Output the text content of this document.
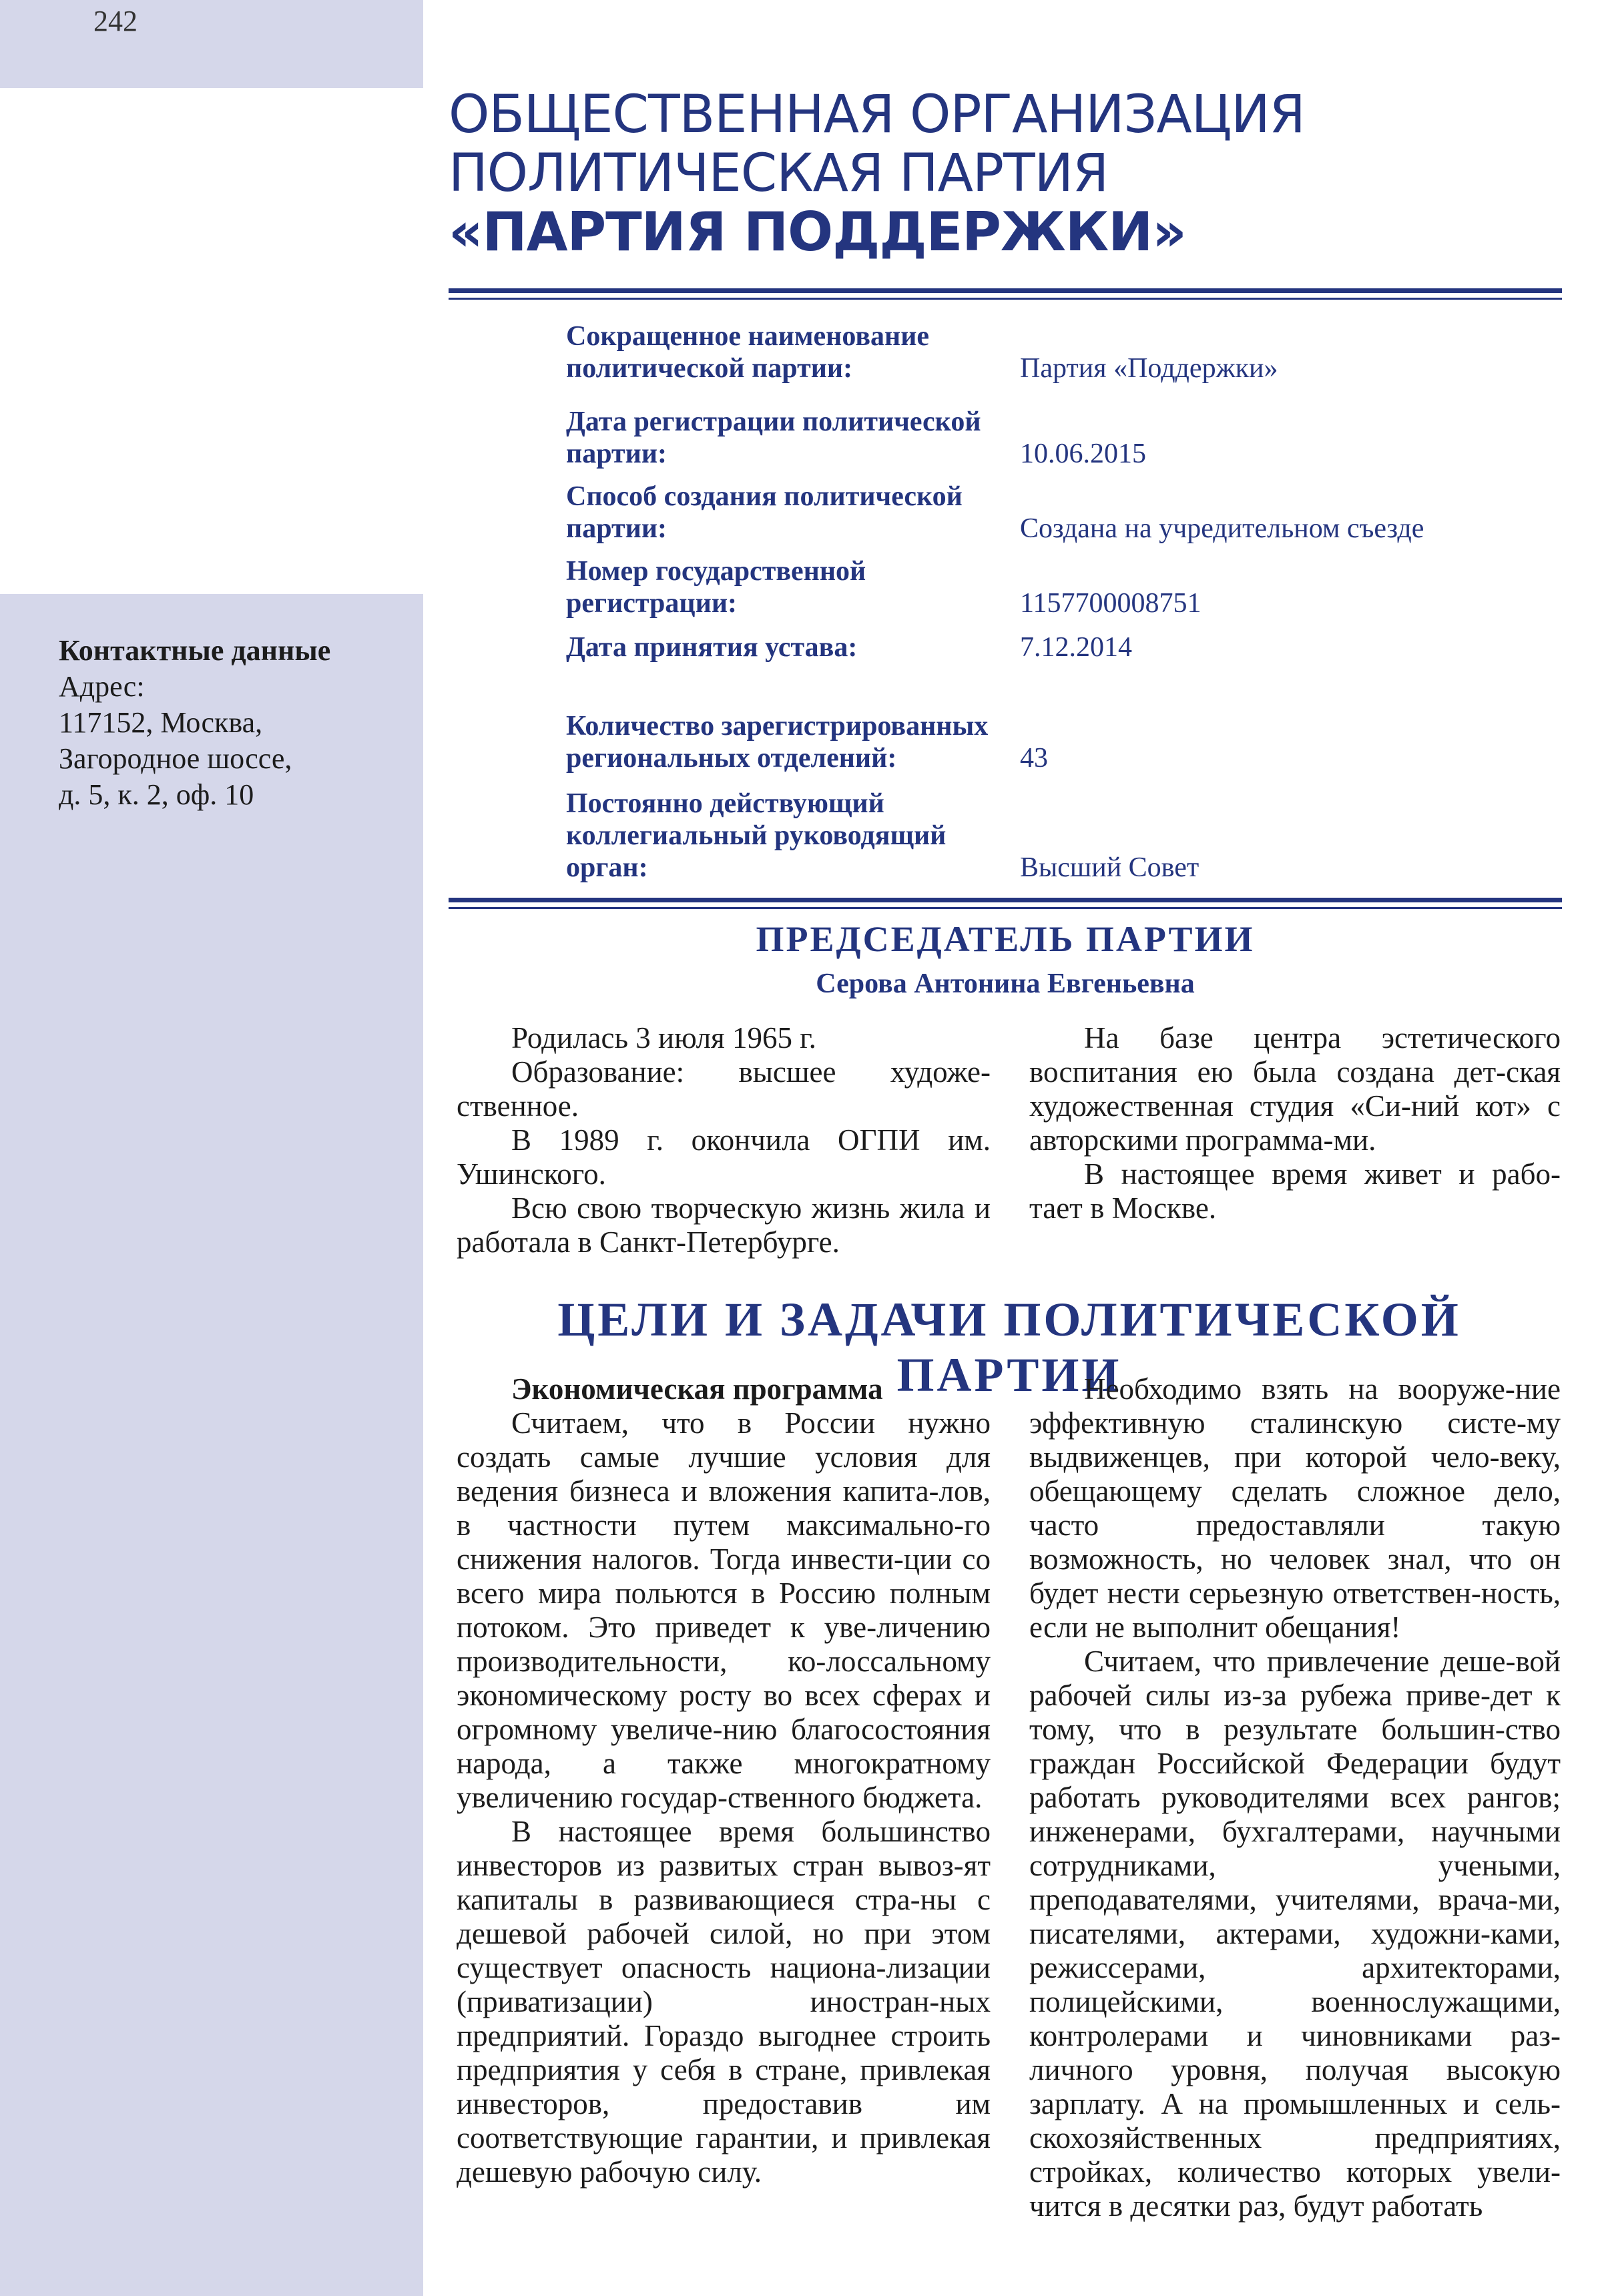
242
Контактные данные
Адрес:
117152, Москва,
Загородное шоссе,
д. 5, к. 2, оф. 10
ОБЩЕСТВЕННАЯ ОРГАНИЗАЦИЯ
ПОЛИТИЧЕСКАЯ ПАРТИЯ
«ПАРТИЯ ПОДДЕРЖКИ»
Сокращенное наименование политической партии:	Партия «Поддержки»
Дата регистрации политической партии:	10.06.2015
Способ создания политической партии:	Создана на учредительном съезде
Номер государственной регистрации:	1157700008751
Дата принятия устава:	7.12.2014
Количество зарегистрированных региональных отделений:	43
Постоянно действующий коллегиальный руководящий орган:	Высший Совет
ПРЕДСЕДАТЕЛЬ ПАРТИИ
Серова Антонина Евгеньевна

Родилась 3 июля 1965 г.

Образование: высшее художе-ственное.

В 1989 г. окончила ОГПИ им. Ушинского.

Всю свою творческую жизнь жила и работала в Санкт-Петербурге.

На базе центра эстетического воспитания ею была создана дет-ская художественная студия «Си-ний кот» с авторскими программа-ми.

В настоящее время живет и рабо-тает в Москве.

ЦЕЛИ И ЗАДАЧИ ПОЛИТИЧЕСКОЙ ПАРТИИ

Экономическая программа

Считаем, что в России нужно создать самые лучшие условия для ведения бизнеса и вложения капита-лов, в частности путем максимально-го снижения налогов. Тогда инвести-ции со всего мира польются в Россию полным потоком. Это приведет к уве-личению производительности, ко-лоссальному экономическому росту во всех сферах и огромному увеличе-нию благосостояния народа, а также многократному увеличению государ-ственного бюджета.

В настоящее время большинство инвесторов из развитых стран вывоз-ят капиталы в развивающиеся стра-ны с дешевой рабочей силой, но при этом существует опасность национа-лизации (приватизации) иностран-ных предприятий. Гораздо выгоднее строить предприятия у себя в стране, привлекая инвесторов, предоставив им соответствующие гарантии, и привлекая дешевую рабочую силу.

Необходимо взять на вооруже-ние эффективную сталинскую систе-му выдвиженцев, при которой чело-веку, обещающему сделать сложное дело, часто предоставляли такую возможность, но человек знал, что он будет нести серьезную ответствен-ность, если не выполнит обещания!

Считаем, что привлечение деше-вой рабочей силы из-за рубежа приве-дет к тому, что в результате большин-ство граждан Российской Федерации будут работать руководителями всех рангов; инженерами, бухгалтерами, научными сотрудниками, учеными, преподавателями, учителями, врача-ми, писателями, актерами, художни-ками, режиссерами, архитекторами, полицейскими, военнослужащими, контролерами и чиновниками раз-личного уровня, получая высокую зарплату. А на промышленных и сель-скохозяйственных предприятиях, стройках, количество которых увели-чится в десятки раз, будут работать
